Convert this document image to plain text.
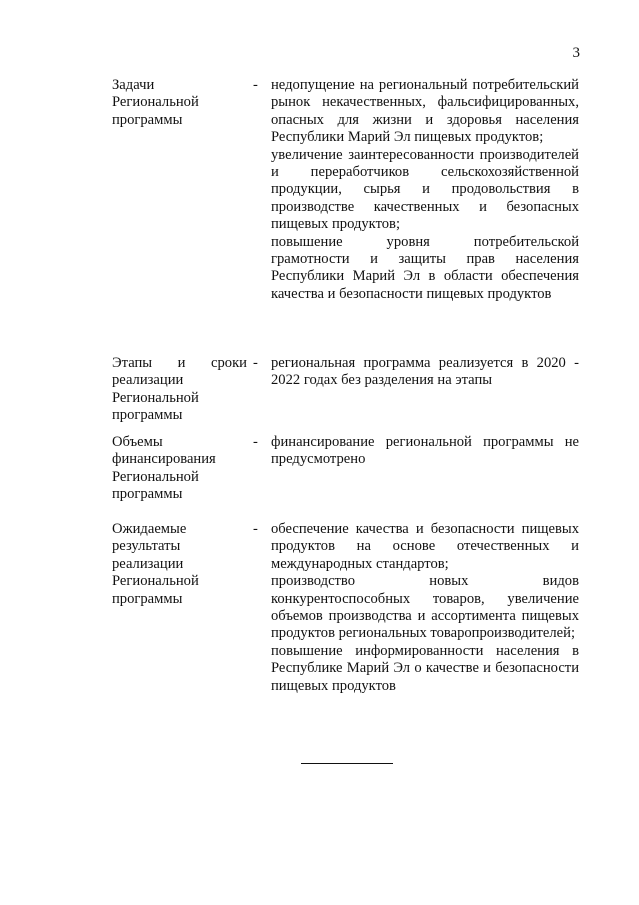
3
Задачи
Региональной
программы
- недопущение на региональный потребительский рынок некачественных, фальсифицированных, опасных для жизни и здоровья населения Республики Марий Эл пищевых продуктов;

увеличение заинтересованности производителей и переработчиков сельскохозяйственной продукции, сырья и продовольствия в производстве качественных и безопасных пищевых продуктов;

повышение уровня потребительской грамотности и защиты прав населения Республики Марий Эл в области обеспечения качества и безопасности пищевых продуктов

Этапы и сроки
реализации
Региональной
программы
- региональная программа реализуется в 2020 - 2022 годах без разделения на этапы

Объемы
финансирования
Региональной
программы
- финансирование региональной программы не предусмотрено

Ожидаемые
результаты
реализации
Региональной
программы
- обеспечение качества и безопасности пищевых продуктов на основе отечественных и международных стандартов;

производство новых видов конкурентоспособных товаров, увеличение объемов производства и ассортимента пищевых продуктов региональных товаропроизводителей;

повышение информированности населения в Республике Марий Эл о качестве и безопасности пищевых продуктов
